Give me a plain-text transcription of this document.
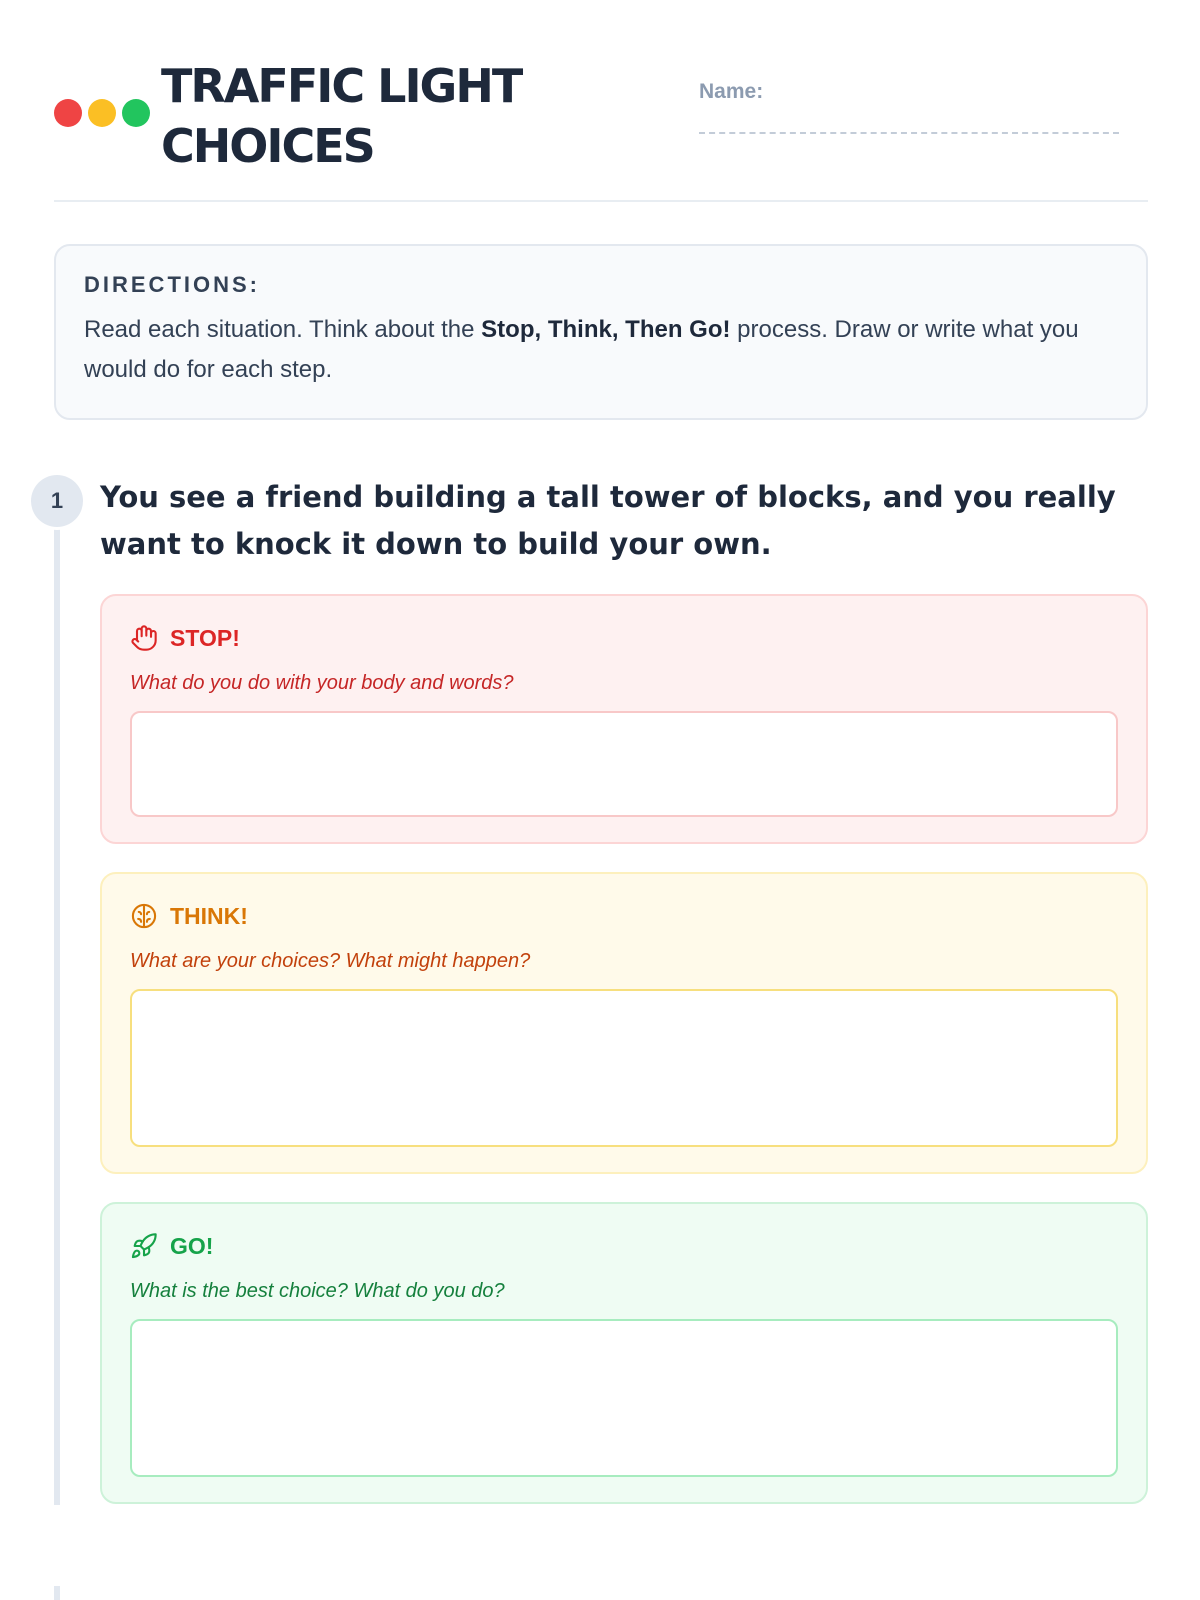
TRAFFIC LIGHT CHOICES
Name:
DIRECTIONS:
Read each situation. Think about the Stop, Think, Then Go! process. Draw or write what you would do for each step.
1	You see a friend building a tall tower of blocks, and you really want to knock it down to build your own.

STOP!
What do you do with your body and words?
THINK!
What are your choices? What might happen?
GO!
What is the best choice? What do you do?
